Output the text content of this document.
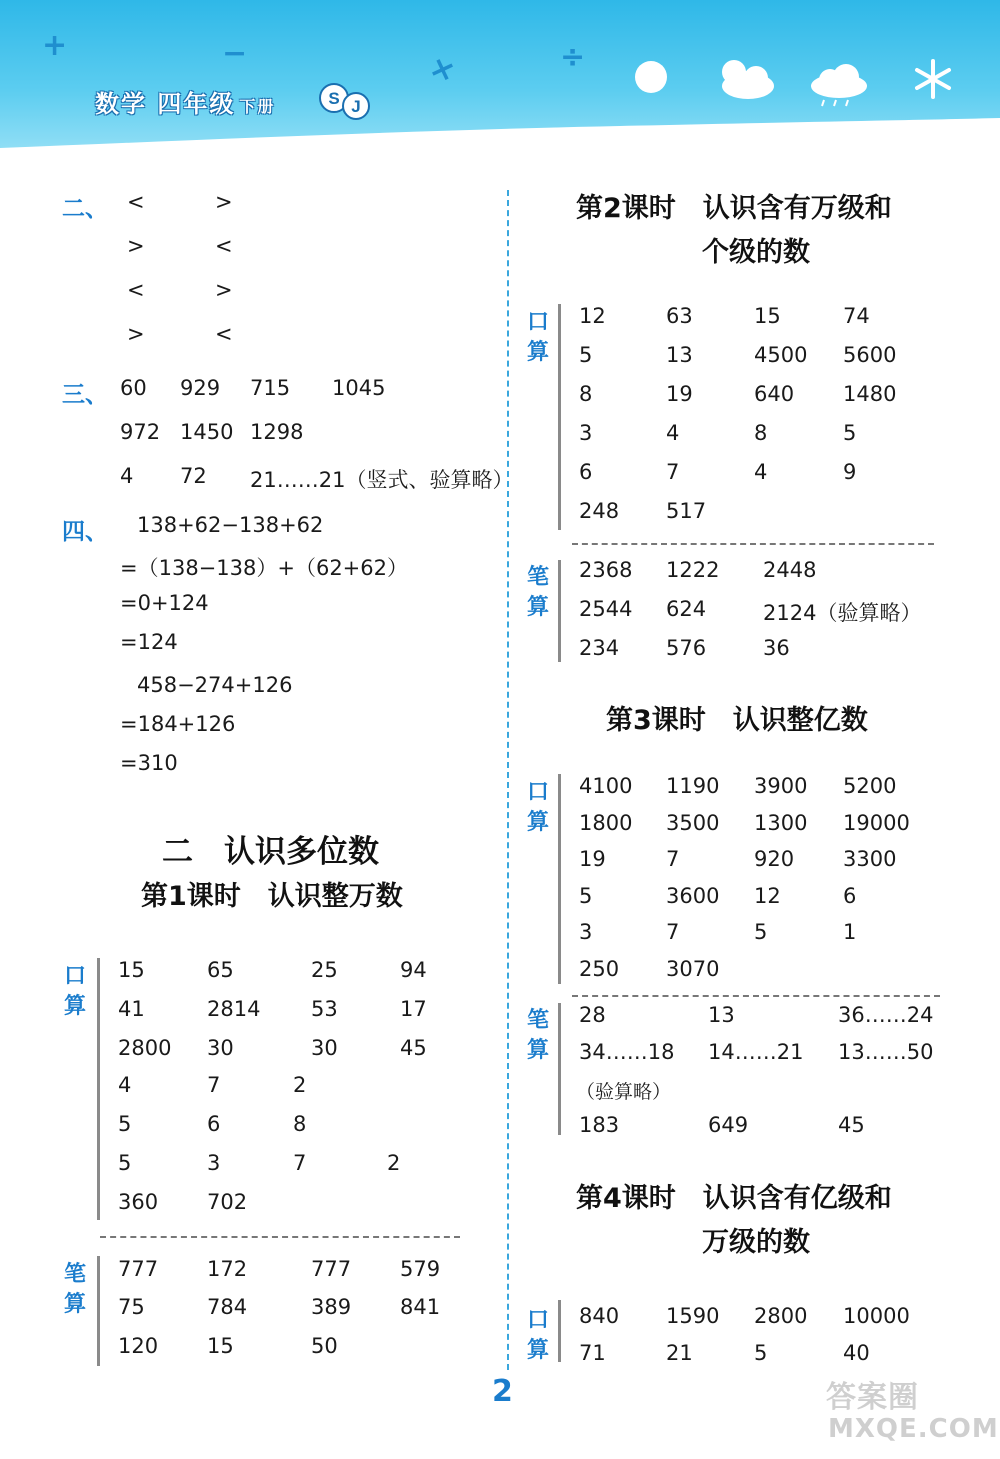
+	−	×	÷
数学 四年级 下册	S J
二、 <	>
>	<
<	>
>	<
三、 60 929 715 1045
972 1450 1298
4 72 21……21（竖式、验算略）
四、 138+62−138+62
=（138−138）+（62+62）
=0+124
=124
458−274+126
=184+126
=310
二　认识多位数
第1课时　认识整万数
口算
15	65	25	94
41	2814 53	17
2800 30	30	45
4	7	2
5	6	8
5	3	7	2
360 702
笔算
777 172	777 579
75	784	389 841
120 15	50
第2课时　认识含有万级和
个级的数
口算
12	63	15	74
5	13	4500 5600
8	19	640 1480
3	4	8	5
6	7	4	9
248 517
笔算
2368 1222 2448
2544 624	2124（验算略）
234 576	36
第3课时　认识整亿数
口算
4100 1190 3900 5200
1800 3500 1300 19000
19	7	920 3300
5	3600 12	6
3	7	5	1
250 3070
笔算
28	13	36……24
34……18 14……21 13……50
（验算略）
183	649	45
第4课时　认识含有亿级和
万级的数
口算
840 1590 2800 10000
71	21	5	40
2	答案圈
MXQE.COM
